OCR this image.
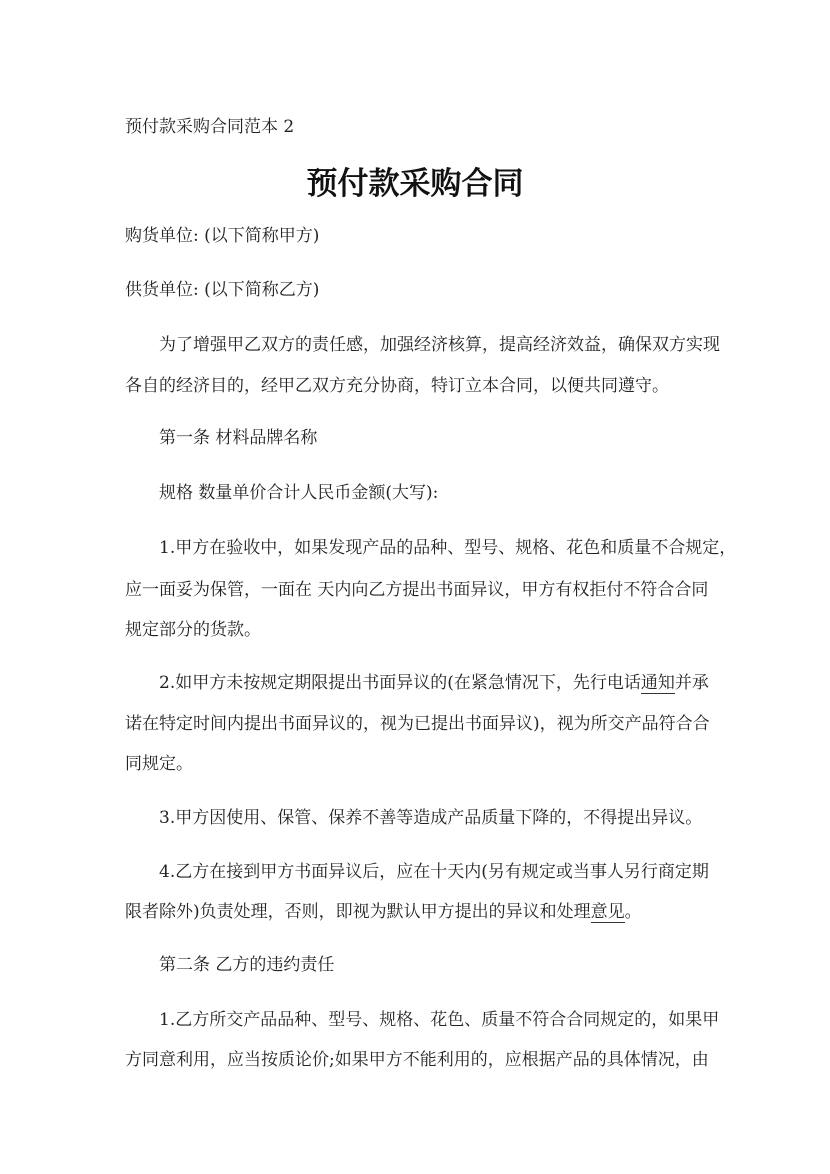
预付款采购合同范本 2
预付款采购合同
购货单位: (以下简称甲方)
供货单位: (以下简称乙方)
为了增强甲乙双方的责任感，加强经济核算，提高经济效益，确保双方实现
各自的经济目的，经甲乙双方充分协商，特订立本合同，以便共同遵守。
第一条 材料品牌名称
规格 数量单价合计人民币金额(大写):
1.甲方在验收中，如果发现产品的品种、型号、规格、花色和质量不合规定，
应一面妥为保管，一面在 天内向乙方提出书面异议，甲方有权拒付不符合合同
规定部分的货款。
2.如甲方未按规定期限提出书面异议的(在紧急情况下，先行电话通知并承
诺在特定时间内提出书面异议的，视为已提出书面异议)，视为所交产品符合合
同规定。
3.甲方因使用、保管、保养不善等造成产品质量下降的，不得提出异议。
4.乙方在接到甲方书面异议后，应在十天内(另有规定或当事人另行商定期
限者除外)负责处理，否则，即视为默认甲方提出的异议和处理意见。
第二条 乙方的违约责任
1.乙方所交产品品种、型号、规格、花色、质量不符合合同规定的，如果甲
方同意利用，应当按质论价;如果甲方不能利用的，应根据产品的具体情况，由
